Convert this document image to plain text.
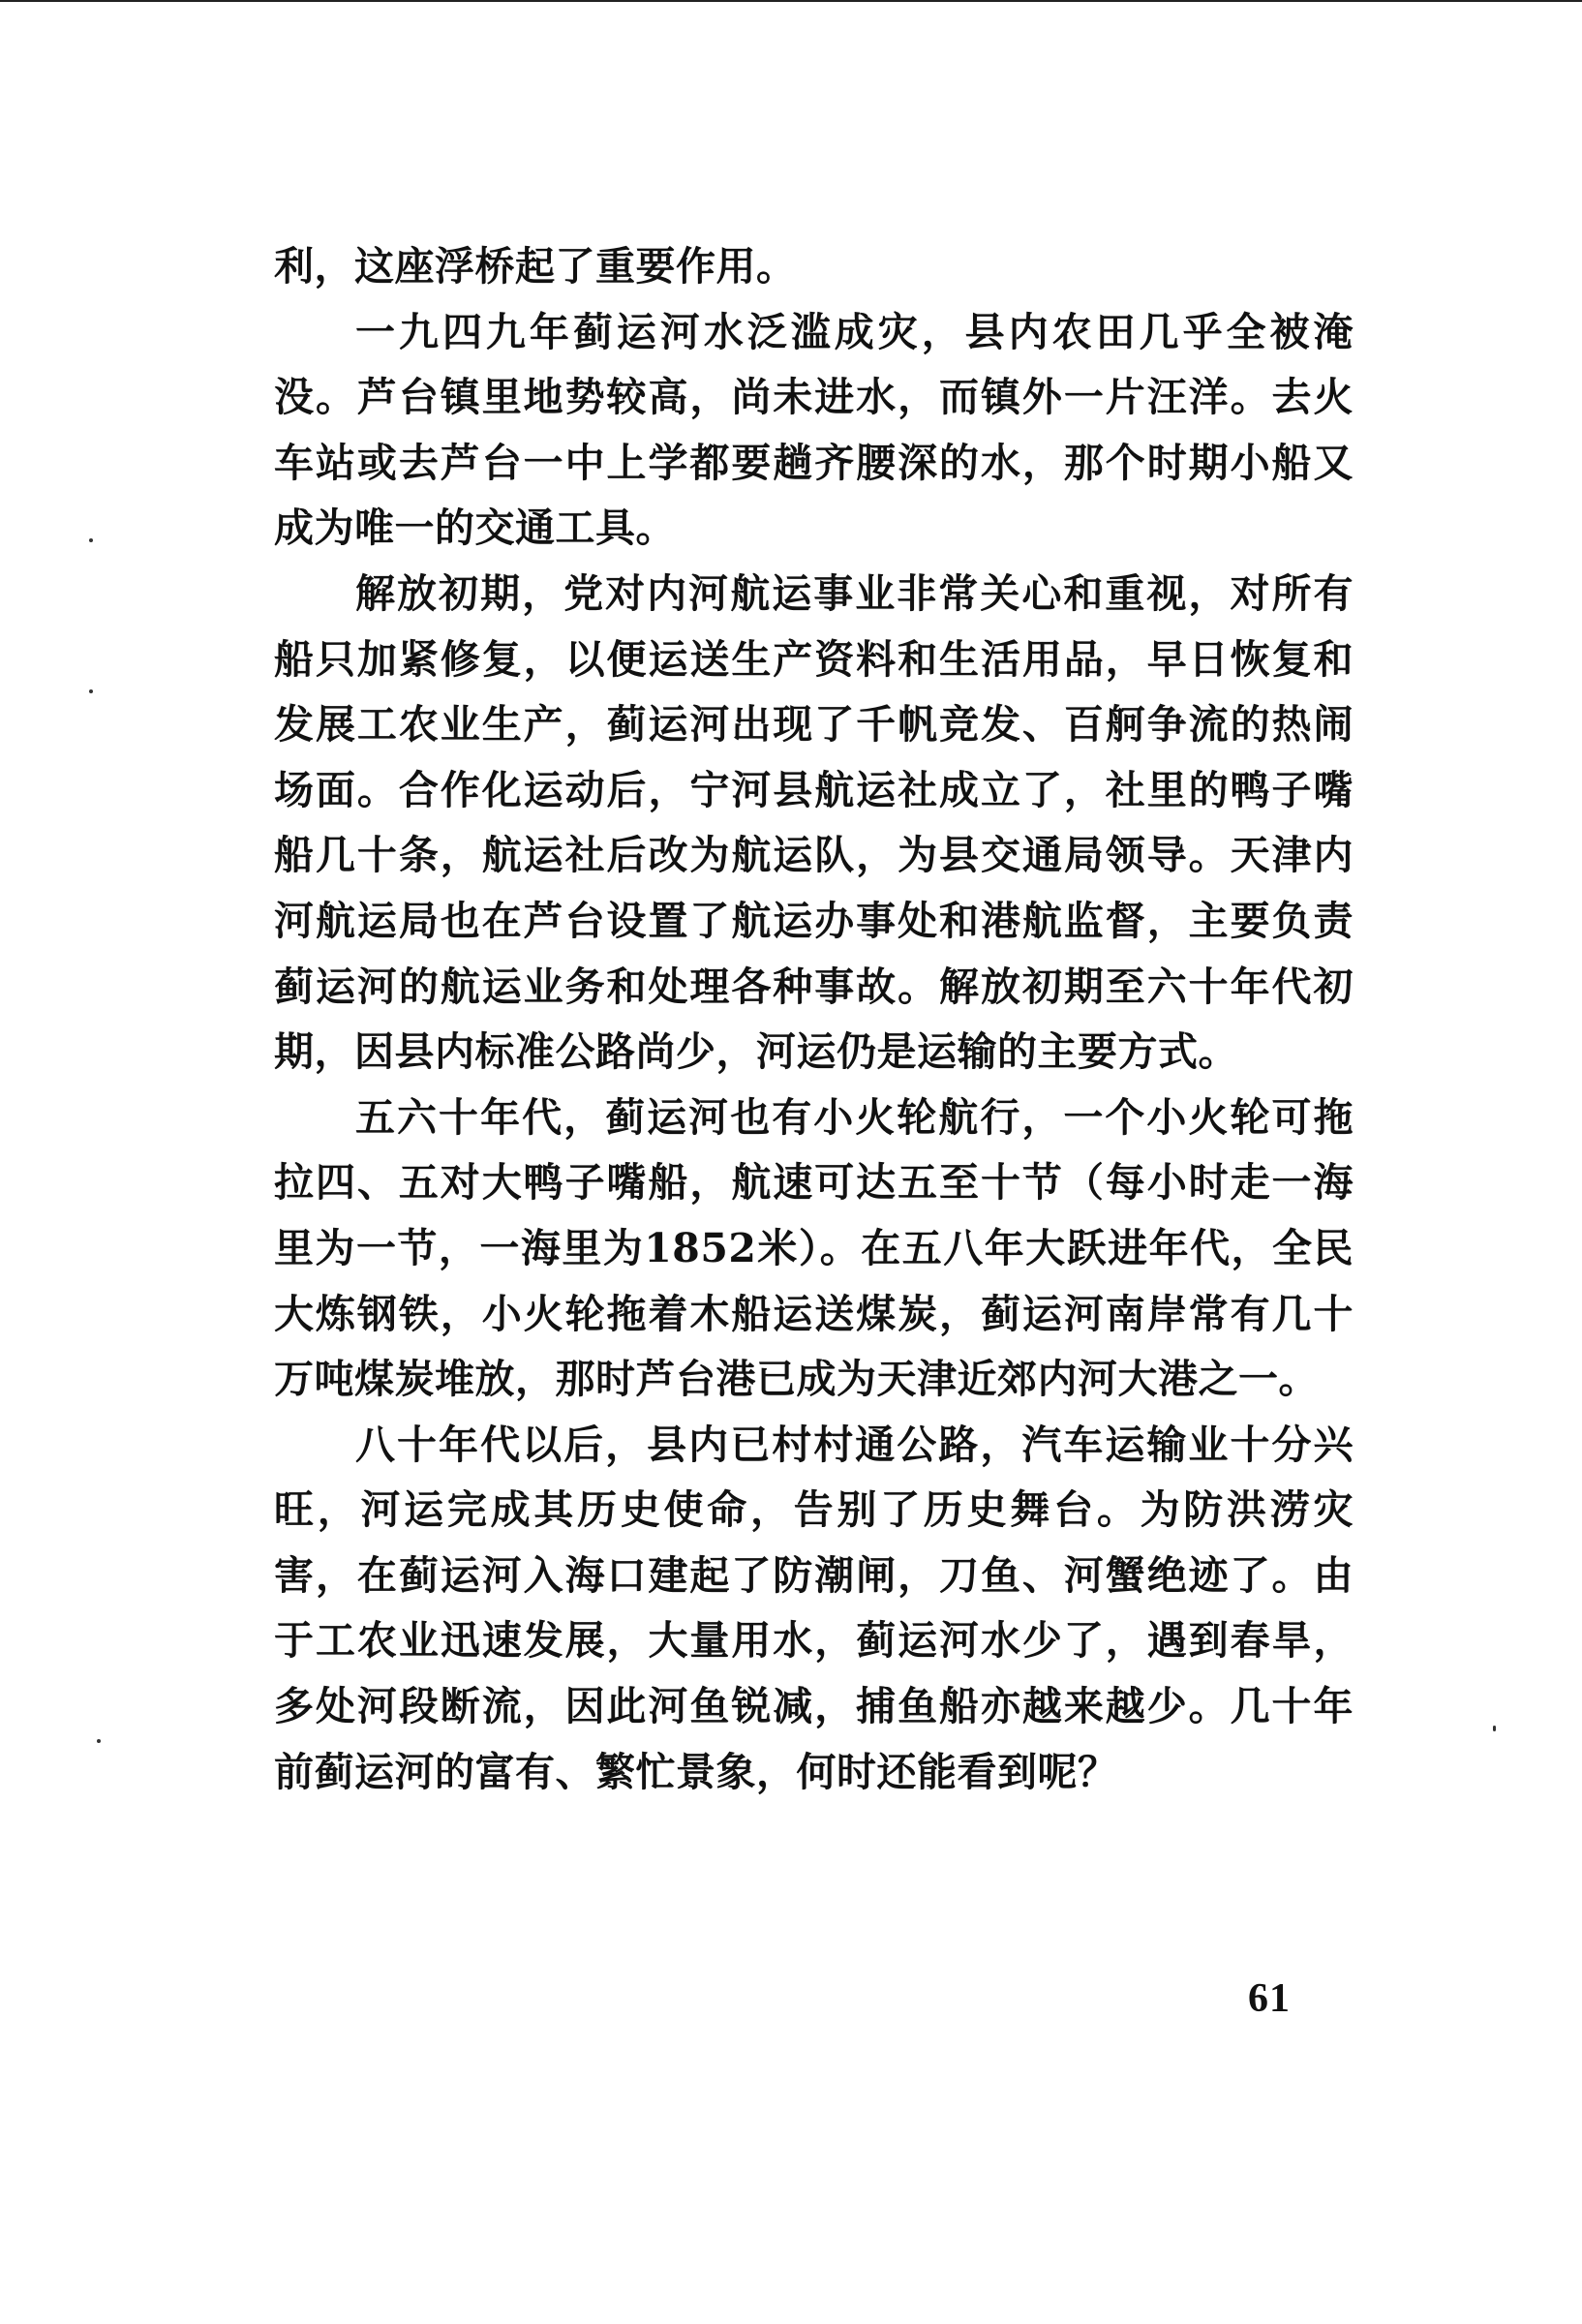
利，这座浮桥起了重要作用。

一九四九年蓟运河水泛滥成灾，县内农田几乎全被淹没。芦台镇里地势较高，尚未进水，而镇外一片汪洋。去火车站或去芦台一中上学都要趟齐腰深的水，那个时期小船又成为唯一的交通工具。

解放初期，党对内河航运事业非常关心和重视，对所有船只加紧修复，以便运送生产资料和生活用品，早日恢复和发展工农业生产，蓟运河出现了千帆竞发、百舸争流的热闹场面。合作化运动后，宁河县航运社成立了，社里的鸭子嘴船几十条，航运社后改为航运队，为县交通局领导。天津内河航运局也在芦台设置了航运办事处和港航监督，主要负责蓟运河的航运业务和处理各种事故。解放初期至六十年代初期，因县内标准公路尚少，河运仍是运输的主要方式。

五六十年代，蓟运河也有小火轮航行，一个小火轮可拖拉四、五对大鸭子嘴船，航速可达五至十节（每小时走一海里为一节，一海里为1852米）。在五八年大跃进年代，全民大炼钢铁，小火轮拖着木船运送煤炭，蓟运河南岸常有几十万吨煤炭堆放，那时芦台港已成为天津近郊内河大港之一。

八十年代以后，县内已村村通公路，汽车运输业十分兴旺，河运完成其历史使命，告别了历史舞台。为防洪涝灾害，在蓟运河入海口建起了防潮闸，刀鱼、河蟹绝迹了。由于工农业迅速发展，大量用水，蓟运河水少了，遇到春旱，多处河段断流，因此河鱼锐减，捕鱼船亦越来越少。几十年前蓟运河的富有、繁忙景象，何时还能看到呢？

61
